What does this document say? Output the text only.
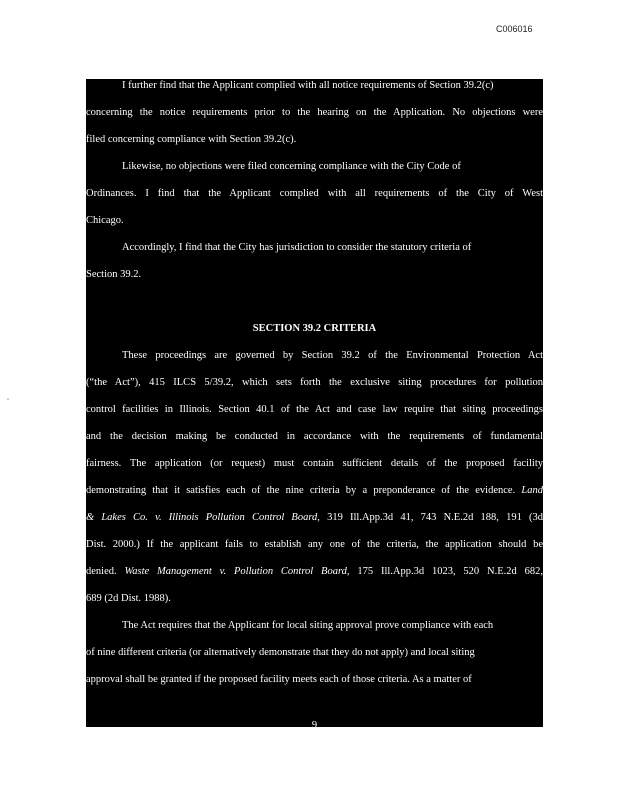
C006016
I further find that the Applicant complied with all notice requirements of Section 39.2(c)
concerning the notice requirements prior to the hearing on the Application. No objections were
filed concerning compliance with Section 39.2(c).
Likewise, no objections were filed concerning compliance with the City Code of
Ordinances. I find that the Applicant complied with all requirements of the City of West
Chicago.
Accordingly, I find that the City has jurisdiction to consider the statutory criteria of
Section 39.2.
SECTION 39.2 CRITERIA
These proceedings are governed by Section 39.2 of the Environmental Protection Act
(“the Act”), 415 ILCS 5/39.2, which sets forth the exclusive siting procedures for pollution
control facilities in Illinois. Section 40.1 of the Act and case law require that siting proceedings
and the decision making be conducted in accordance with the requirements of fundamental
fairness. The application (or request) must contain sufficient details of the proposed facility
demonstrating that it satisfies each of the nine criteria by a preponderance of the evidence. Land
& Lakes Co. v. Illinois Pollution Control Board, 319 Ill.App.3d 41, 743 N.E.2d 188, 191 (3d
Dist. 2000.) If the applicant fails to establish any one of the criteria, the application should be
denied. Waste Management v. Pollution Control Board, 175 Ill.App.3d 1023, 520 N.E.2d 682,
689 (2d Dist. 1988).
The Act requires that the Applicant for local siting approval prove compliance with each
of nine different criteria (or alternatively demonstrate that they do not apply) and local siting
approval shall be granted if the proposed facility meets each of those criteria. As a matter of
9
